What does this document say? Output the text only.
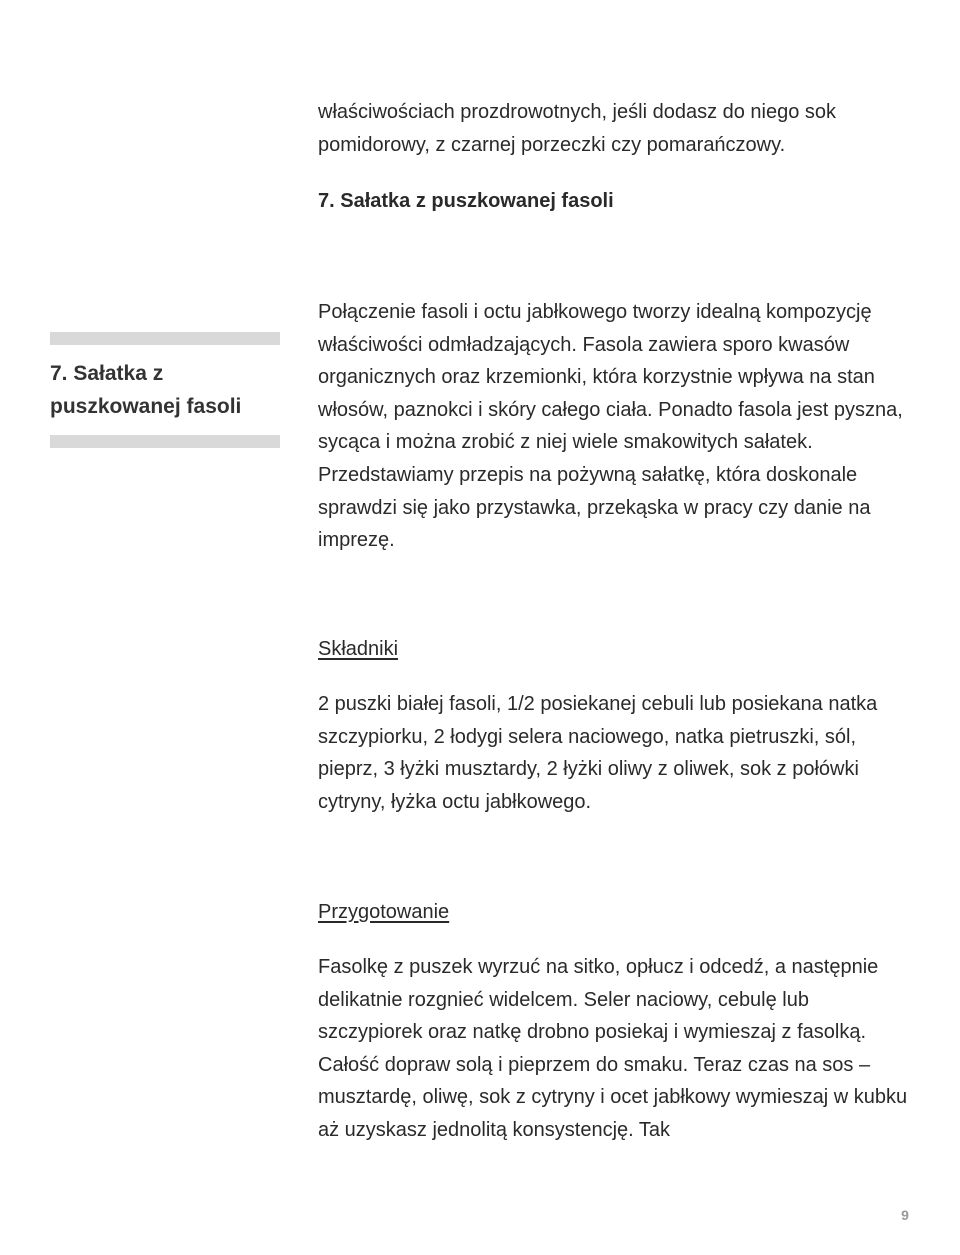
właściwościach prozdrowotnych, jeśli dodasz do niego sok pomidorowy, z czarnej porzeczki czy pomarańczowy.
7. Sałatka z puszkowanej fasoli
7. Sałatka z puszkowanej fasoli
Połączenie fasoli i octu jabłkowego tworzy idealną kompozycję właściwości odmładzających. Fasola zawiera sporo kwasów organicznych oraz krzemionki, która korzystnie wpływa na stan włosów, paznokci i skóry całego ciała. Ponadto fasola jest pyszna, sycąca i można zrobić z niej wiele smakowitych sałatek. Przedstawiamy przepis na pożywną sałatkę, która doskonale sprawdzi się jako przystawka, przekąska w pracy czy danie na imprezę.
Składniki
2 puszki białej fasoli, 1/2 posiekanej cebuli lub posiekana natka szczypiorku, 2 łodygi selera naciowego, natka pietruszki, sól, pieprz, 3 łyżki musztardy, 2 łyżki oliwy z oliwek, sok z połówki cytryny, łyżka octu jabłkowego.
Przygotowanie
Fasolkę z puszek wyrzuć na sitko, opłucz i odcedź, a następnie delikatnie rozgnieć widelcem. Seler naciowy, cebulę lub szczypiorek oraz natkę drobno posiekaj i wymieszaj z fasolką. Całość dopraw solą i pieprzem do smaku. Teraz czas na sos – musztardę, oliwę, sok z cytryny i ocet jabłkowy wymieszaj w kubku aż uzyskasz jednolitą konsystencję. Tak
9
